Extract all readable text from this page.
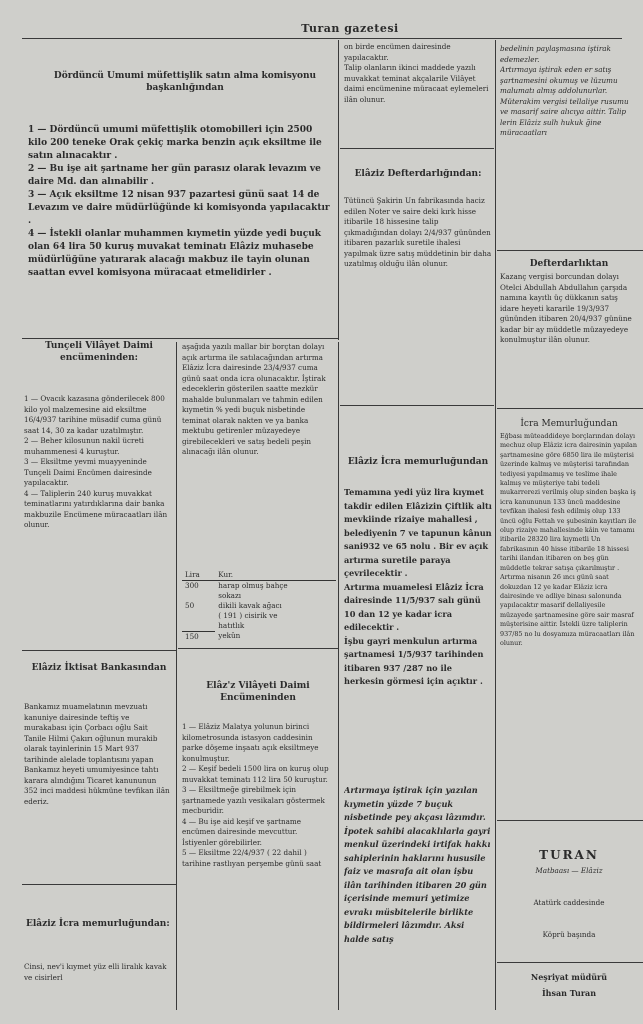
Turan gazetesi
Dördüncü Umumi müfettişlik satın alma komisyonu başkanlığından
1 — Dördüncü umumi müfettişlik otomobilleri için 2500 kilo 200 teneke Orak çekiç marka benzin açık eksiltme ile satın alınacaktır .
2 — Bu işe ait şartname her gün parasız olarak levazım ve daire Md. dan alınabilir .
3 — Açık eksiltme 12 nisan 937 pazartesi günü saat 14 de Levazım ve daire müdürlüğünde ki komisyonda yapılacaktır .
4 — İstekli olanlar muhammen kıymetin yüzde yedi buçuk olan 64 lira 50 kuruş muvakat teminatı Elâziz muhasebe müdürlüğüne yatırarak alacağı makbuz ile tayin olunan saattan evvel komisyona müracaat etmelidirler .
on birde encümen dairesinde yapılacaktır.
Talip olanların ikinci maddede yazılı muvakkat teminat akçalarile Vilâyet daimi encümenine müracaat eylemeleri ilân olunur.
Elâziz Defterdarlığından:
Tütüncü Şakirin Un fabrikasında haciz edilen Noter ve saire deki kırk hisse itibarile 18 hissesine talip çıkmadığından dolayı 2/4/937 gününden itibaren pazarlık suretile ihalesi yapılmak üzre satış müddetinin bir daha uzatılmış olduğu ilân olunur.
bedelinin paylaşmasına iştirak edemezler.
Artırmaya iştirak eden er satış şartnamesini okumuş ve lüzumu malumatı almış addolunurlar.
Müterakim vergisi tellaliye rusumu ve masarif saire alıcıya aittir. Talip lerin Elâziz sulh hukuk ğine müracaatları
Tunçeli Vilâyet Daimi encümeninden:
1 — Ovacık kazasına gönderilecek 800 kilo yol malzemesine aid eksiltme 16/4/937 tarihine müsadif cuma günü saat 14, 30 za kadar uzatılmıştır.
2 — Beher kilosunun nakil ücreti muhammenesi 4 kuruştur.
3 — Eksiltme yevmi muayyeninde Tunçeli Daimi Encümen dairesinde yapılacaktır.
4 — Taliplerin 240 kuruş muvakkat teminatlarını yatırdıklarına dair banka makbuzile Encümene müracaatları ilân olunur.
aşağıda yazılı mallar bir borçtan dolayı açık artırma ile satılacağından artırma Elâziz İcra dairesinde 23/4/937 cuma günü saat onda icra olunacaktır. İştirak edeceklerin gösterilen saatte mezkür mahalde bulunmaları ve tahmin edilen kıymetin % yedi buçuk nisbetinde teminat olarak nakten ve ya banka mektubu getirenler müzayedeye girebilecekleri ve satış bedeli peşin alınacağı ilân olunur.
Lira	Kur.
300	harap olmuş bahçe
	sokazı
50	dikili kavak ağacı
	( 191 ) cisirik ve
	hatıtlık
150	yekûn
Elâziz İcra memurluğundan
Temamına yedi yüz lira kıymet takdir edilen Elâzizin Çiftlik altı mevkiinde rizaiye mahallesi , belediyenin 7 ve tapunun kânun sani932 ve 65 nolu . Bir ev açık artırma suretile paraya çevrilecektir .
Artırma muamelesi Elâziz İcra dairesinde 11/5/937 salı günü 10 dan 12 ye kadar icra edilecektir .
İşbu gayri menkulun artırma şartnamesi 1/5/937 tarihinden itibaren 937 /287 no ile herkesin görmesi için açıktır .
Artırmaya iştirak için yazılan kıymetin yüzde 7 buçuk nisbetinde pey akçası lâzımdır.
İpotek sahibi alacaklılarla gayri menkul üzerindeki irtifak hakkı sahiplerinin haklarını hususile faiz ve masrafa ait olan işbu ilân tarihinden itibaren 20 gün içerisinde memuri yetimize evrakı müsbitelerile birlikte bildirmeleri lâzımdır. Aksi halde satış
Elâziz İktisat Bankasından
Bankamız muamelatının mevzuatı kanuniye dairesinde teftiş ve murakabası için Çorbacı oğlu Sait Tanile Hilmi Çakırı oğlunun murakib olarak tayinlerinin 15 Mart 937 tarihinde alelade toplantısını yapan Bankamız heyeti umumiyesince tahtı karara alındığını Ticaret kanununun 352 inci maddesi hükmüne tevfikan ilân ederiz.
Elâz'z Vilâyeti Daimi Encümeninden
1 — Elâziz Malatya yolunun birinci kilometrosunda istasyon caddesinin parke döşeme inşaatı açık eksiltmeye konulmuştur.
2 — Keşif bedeli 1500 lira on kuruş olup muvakkat teminatı 112 lira 50 kuruştur.
3 — Eksiltmeğe girebilmek için şartnamede yazılı vesikaları göstermek mecburidir.
4 — Bu işe aid keşif ve şartname encümen dairesinde mevcuttur. İstiyenler görebilirler.
5 — Eksiltme 22/4/937 ( 22 dahil ) tarihine rastlıyan perşembe günü saat
Elâziz İcra memurluğundan:
Cinsi, nev'i kıymet yüz elli liralık kavak ve cisirlerl
Defterdarlıktan
Kazanç vergisi borcundan dolayı Otelci Abdullah Abdullahın çarşıda namına kayıtlı üç dükkanın satış idare heyeti kararile 19/3/937 gününden itibaren 20/4/937 gününe kadar bir ay müddetle müzayedeye konulmuştur ilân olunur.
İcra Memurluğundan
Eğbası müteaddideye borçlarından dolayı mechuz olup Elâziz icra dairesinin yapılan şartnamesine göre 6850 lira ile müşterisi üzerinde kalmış ve müşterisi tarafından tediyesi yapılmamış ve teslime ihale kalmış ve müşteriye tabi tedeli mukarrerezi verilmiş olup sinden başka iş icra kanununun 133 üncü maddesine tevfikan ihalesi fesh edilmiş olup 133 üncü oğlu Fettah ve şubesinin kayıtları ile olup rizaiye mahallesinde kâin ve tamamı itibarile 28320 lira kıymetli Un fabrikasının 40 hisse itibarile 18 hissesi tarihi ilandan itibaren on beş gün müddetle tekrar satışa çıkarılmıştır . Artırma nisanın 26 ıncı günü saat dokuzdan 12 ye kadar Elâziz icra dairesinde ve adliye binası salonunda yapılacaktır masarif dellaliyesile müzayede şartnamesine göre sair masraf müşterisine aittir. İstekli üzre taliplerin 937/85 no lu dosyamıza müracaatları ilân olunur.
TURAN
Matbaası — Elâziz
Atatürk caddesinde
Köprü başında
Neşriyat müdürü
İhsan Turan
